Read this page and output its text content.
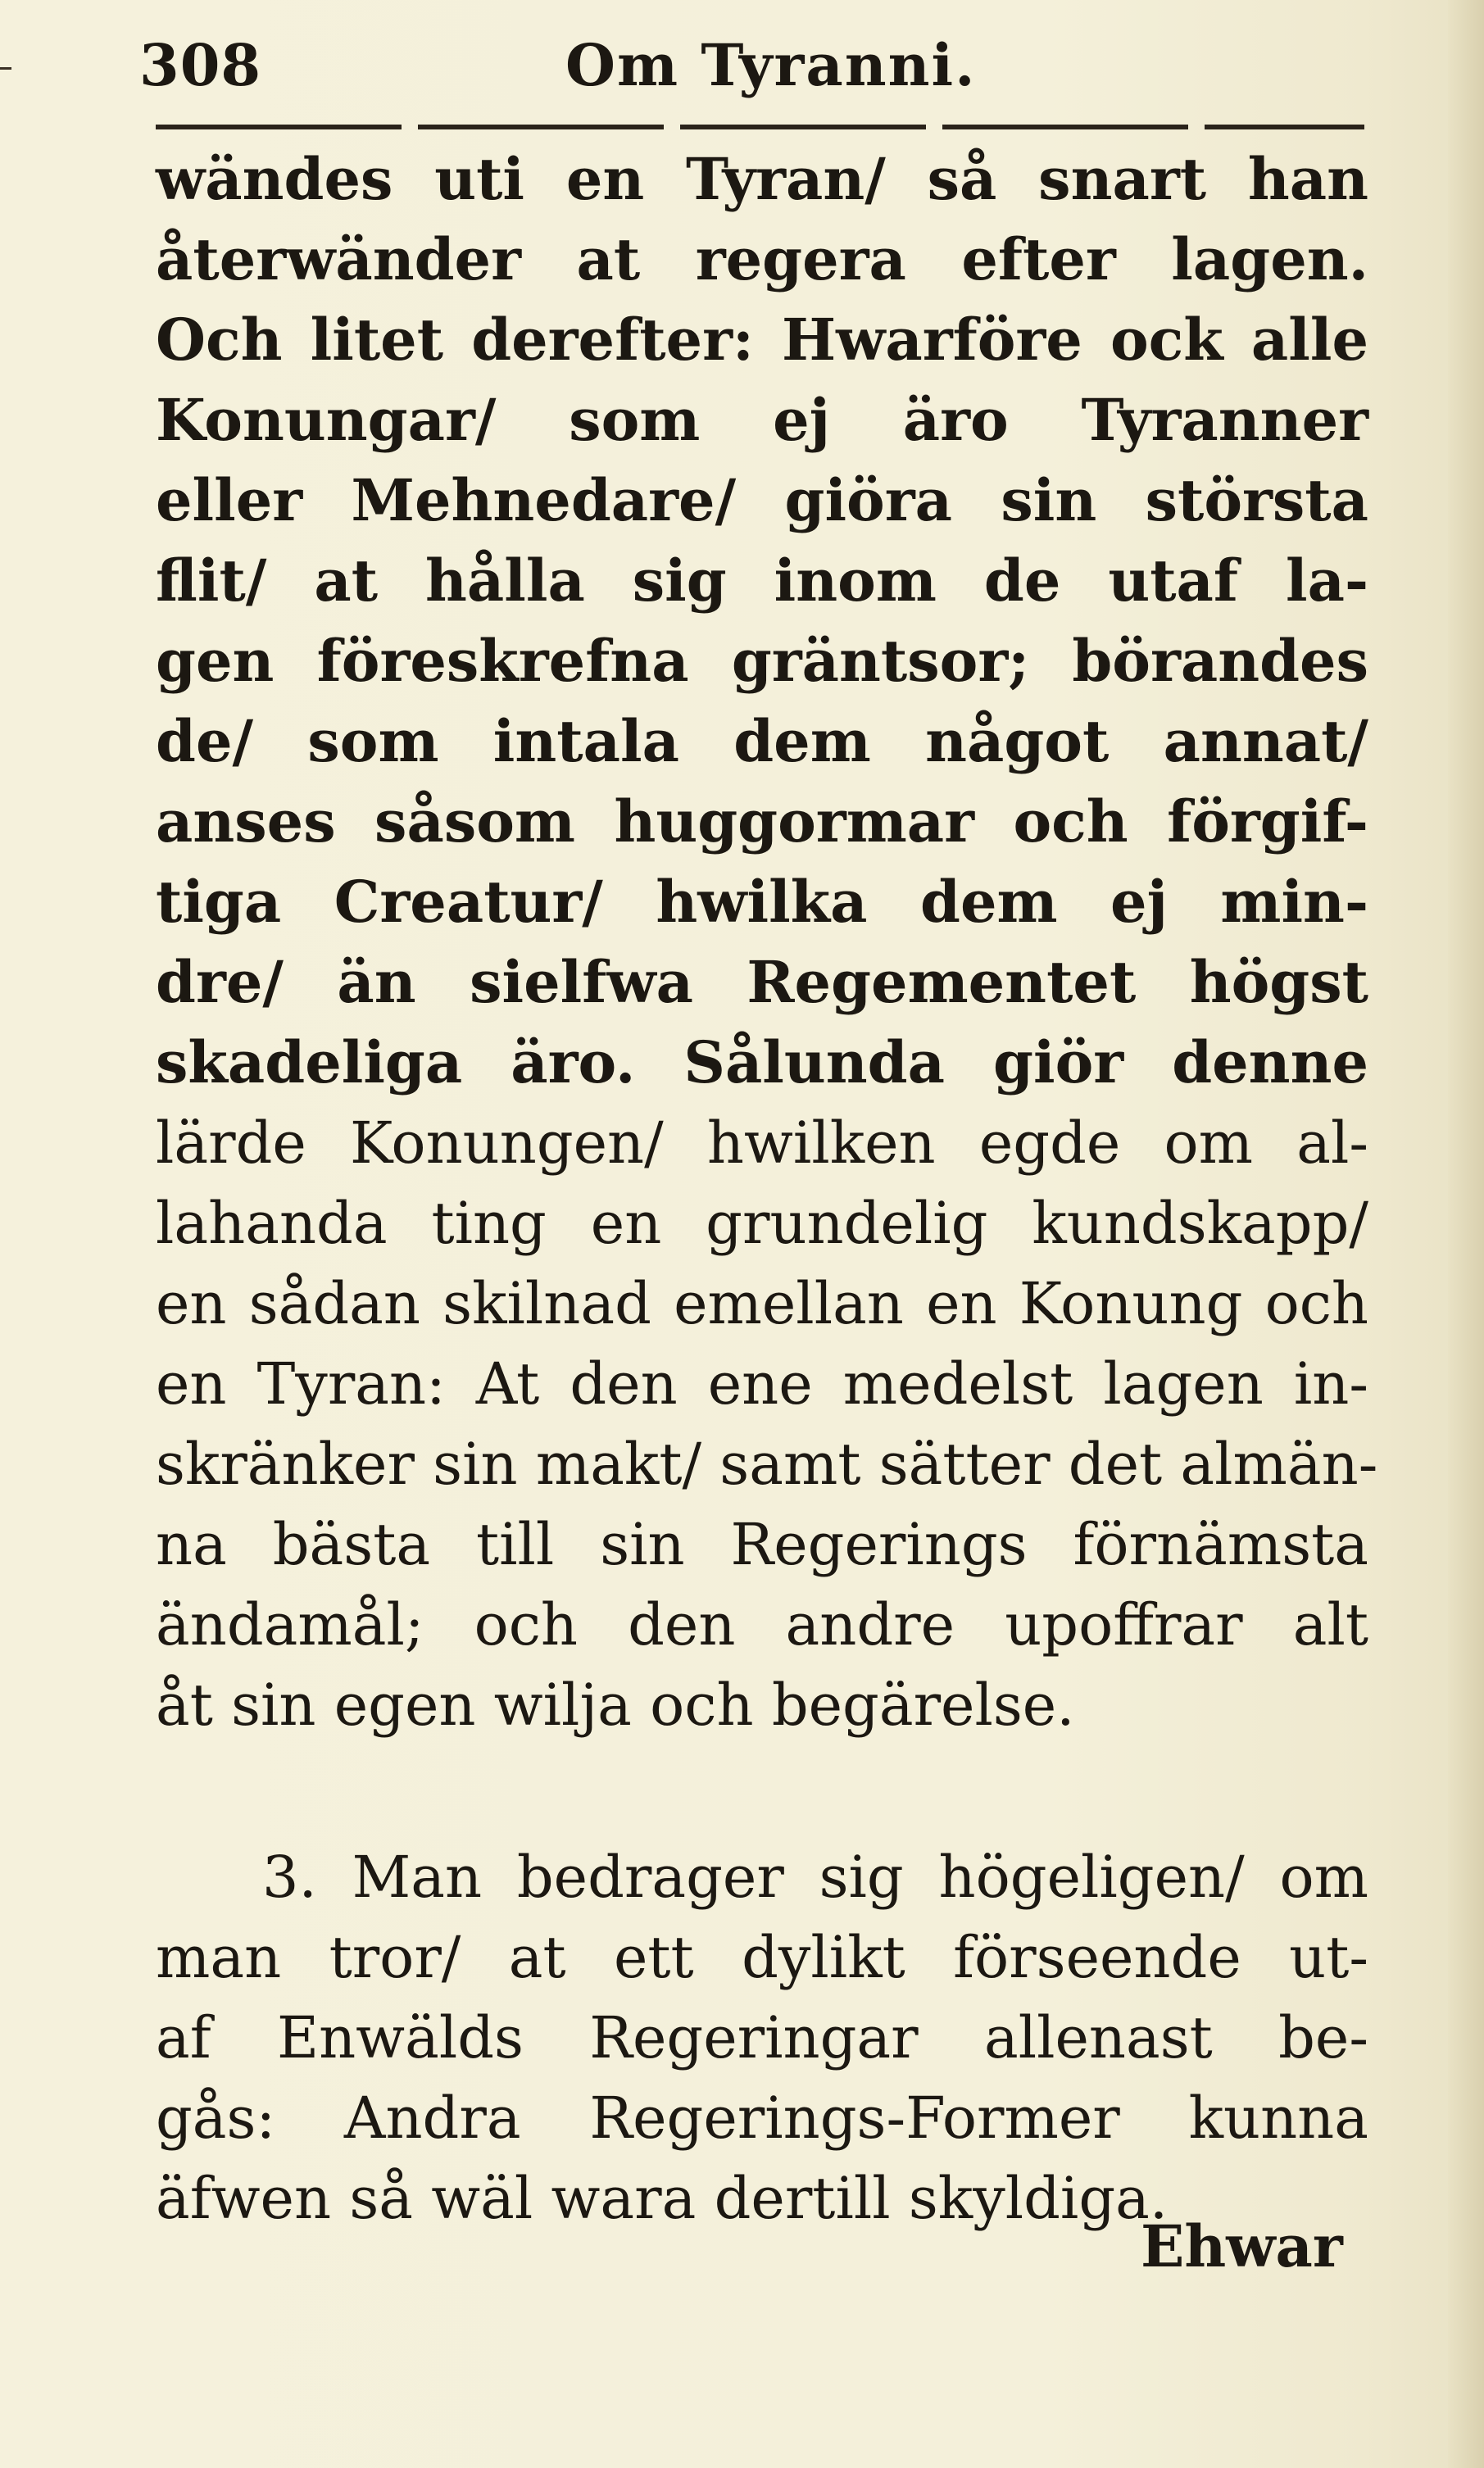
308	Om Tyranni.
wändes uti en Tyran/ så snart han
återwänder at regera efter lagen.
Och litet derefter: Hwarföre ock alle
Konungar/ som ej äro Tyranner
eller Mehnedare/ giöra sin största
flit/ at hålla sig inom de utaf la-
gen föreskrefna gräntsor; börandes
de/ som intala dem något annat/
anses såsom huggormar och förgif-
tiga Creatur/ hwilka dem ej min-
dre/ än sielfwa Regementet högst
skadeliga äro. Sålunda giör denne
lärde Konungen/ hwilken egde om al-
lahanda ting en grundelig kundskapp/
en sådan skilnad emellan en Konung och
en Tyran: At den ene medelst lagen in-
skränker sin makt/ samt sätter det almän-
na bästa till sin Regerings förnämsta
ändamål; och den andre upoffrar alt
åt sin egen wilja och begärelse.
3. Man bedrager sig högeligen/ om
man tror/ at ett dylikt förseende ut-
af Enwälds Regeringar allenast be-
gås: Andra Regerings-Former kunna
äfwen så wäl wara dertill skyldiga.
Ehwar
